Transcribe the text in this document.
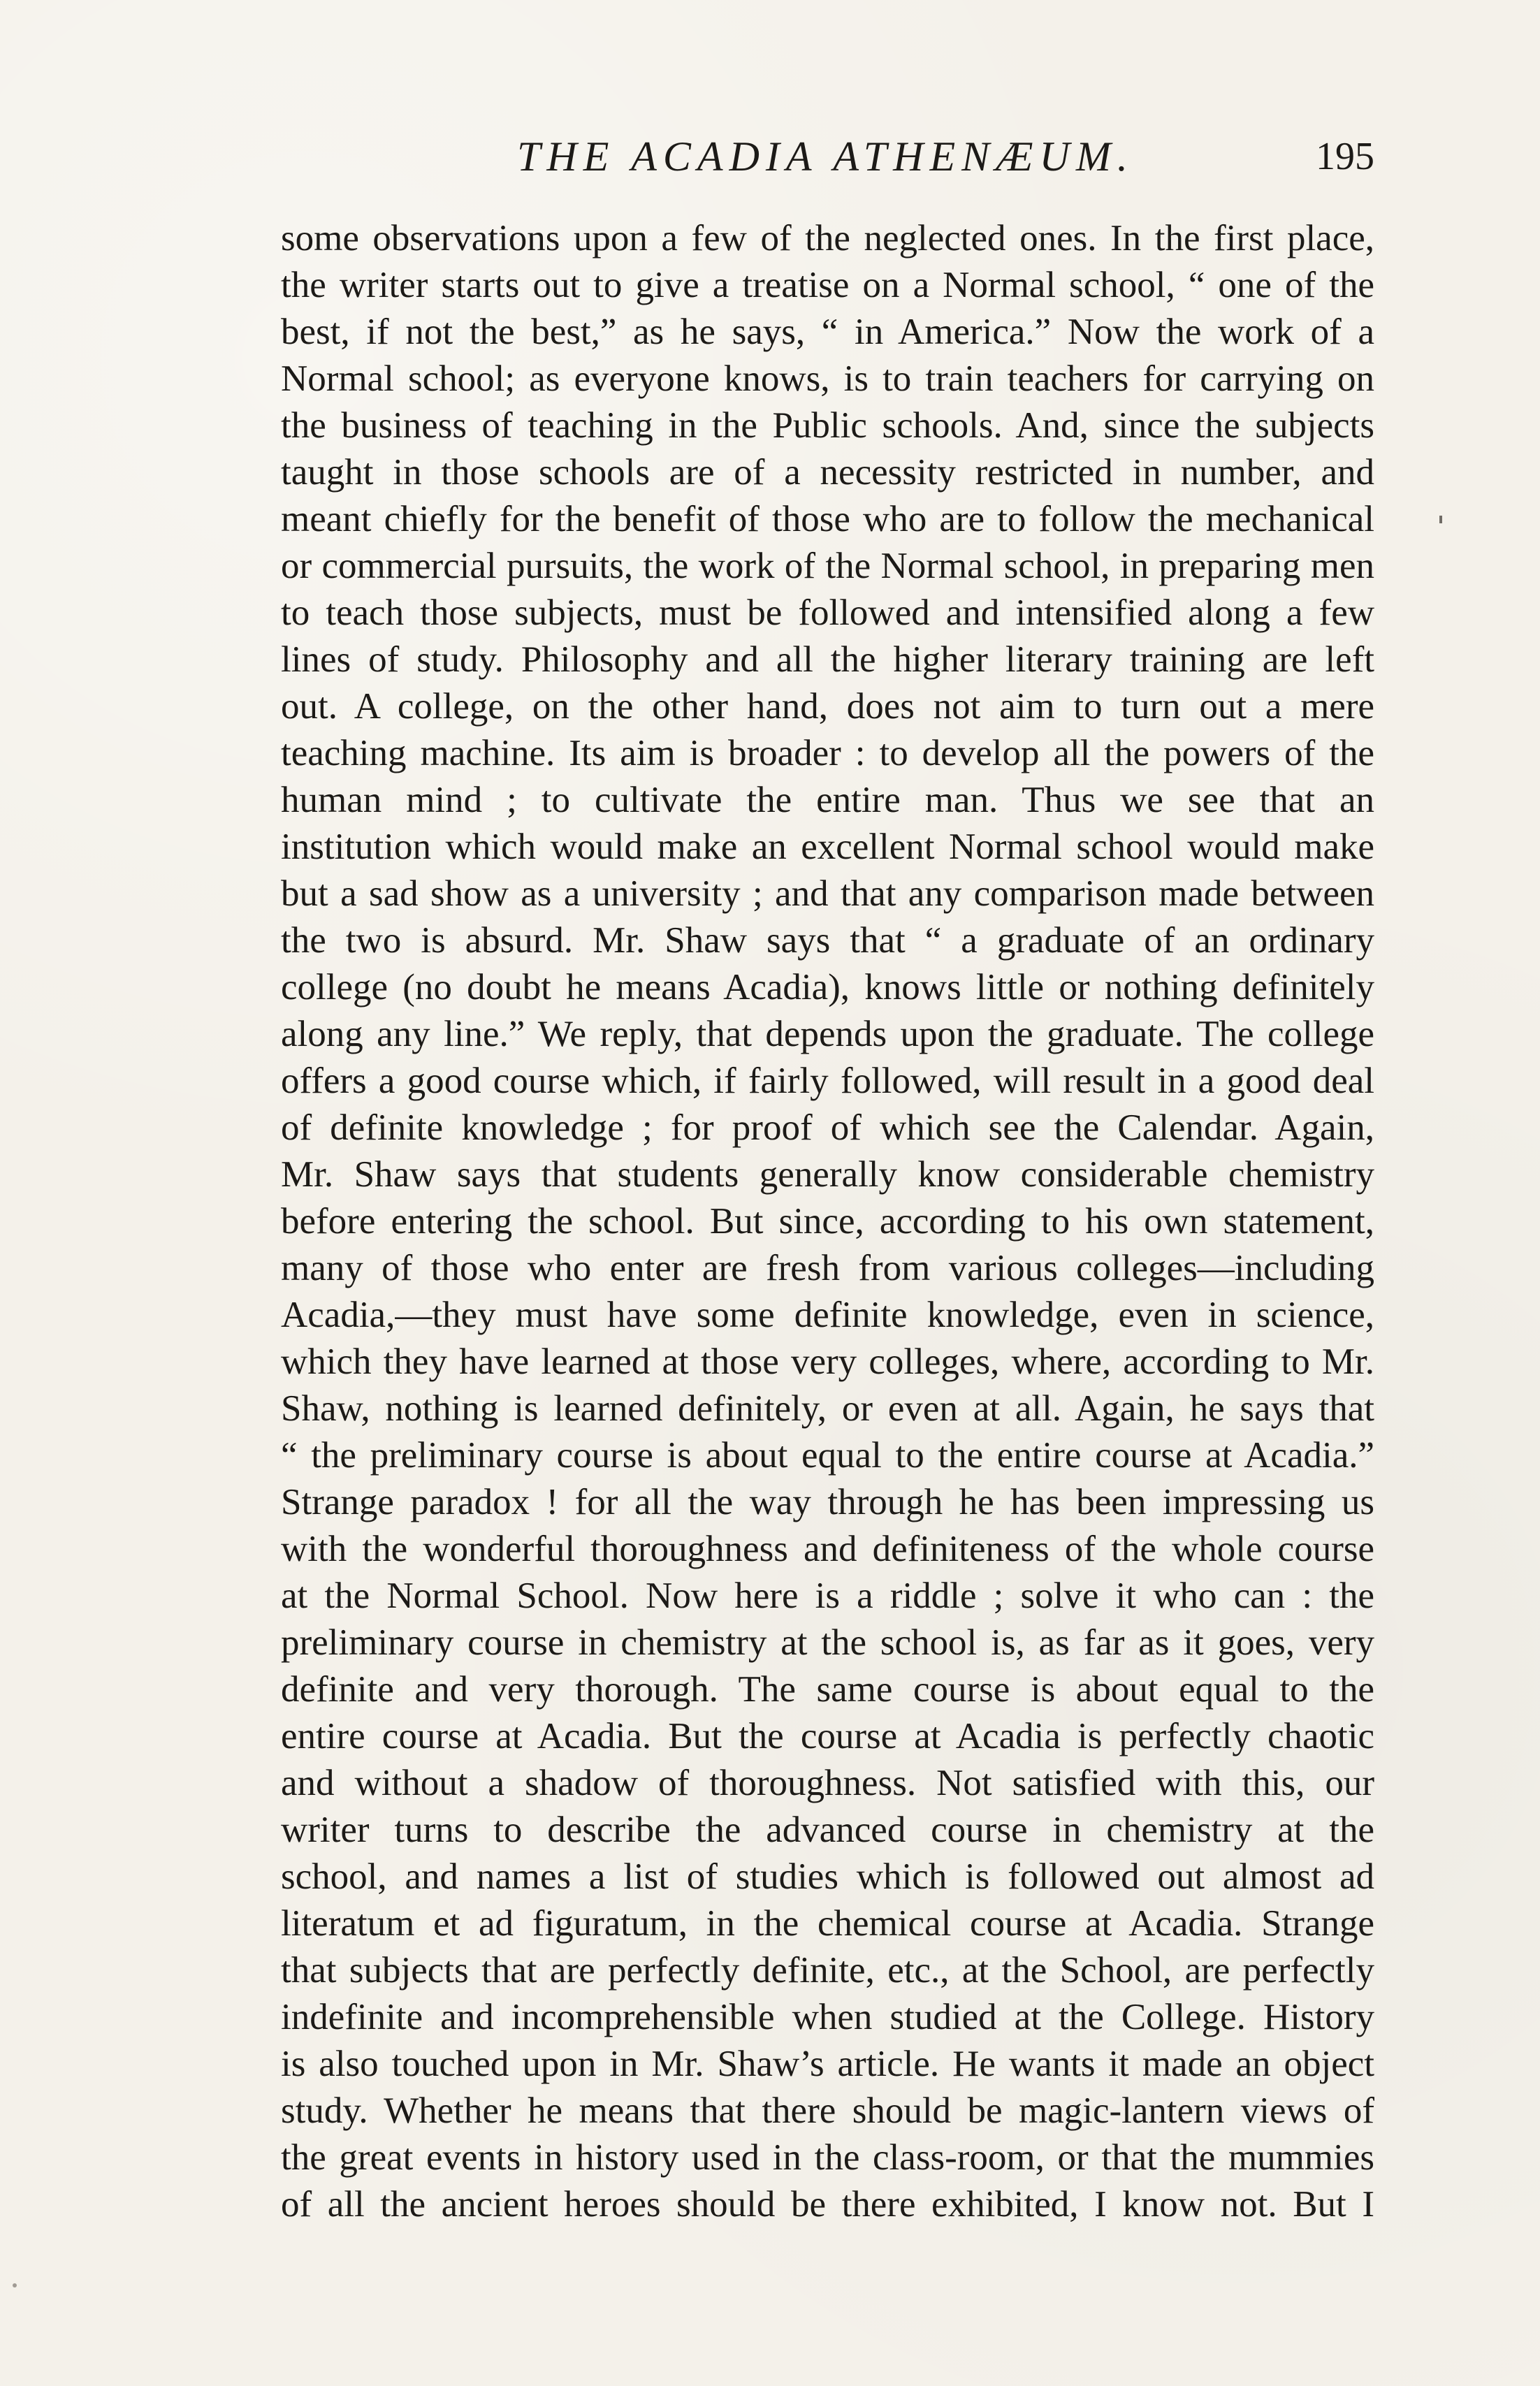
THE ACADIA ATHENÆUM.	195
some observations upon a few of the neglected ones. In the first place,
the writer starts out to give a treatise on a Normal school, “ one of the
best, if not the best,” as he says, “ in America.” Now the work of a
Normal school; as everyone knows, is to train teachers for carrying on
the business of teaching in the Public schools. And, since the subjects
taught in those schools are of a necessity restricted in number, and
meant chiefly for the benefit of those who are to follow the mechanical
or commercial pursuits, the work of the Normal school, in preparing men
to teach those subjects, must be followed and intensified along a few
lines of study. Philosophy and all the higher literary training are left
out. A college, on the other hand, does not aim to turn out a mere
teaching machine. Its aim is broader : to develop all the powers of the
human mind ; to cultivate the entire man. Thus we see that an
institution which would make an excellent Normal school would make
but a sad show as a university ; and that any comparison made between
the two is absurd. Mr. Shaw says that “ a graduate of an ordinary
college (no doubt he means Acadia), knows little or nothing definitely
along any line.” We reply, that depends upon the graduate. The college
offers a good course which, if fairly followed, will result in a good deal
of definite knowledge ; for proof of which see the Calendar. Again,
Mr. Shaw says that students generally know considerable chemistry
before entering the school. But since, according to his own statement,
many of those who enter are fresh from various colleges—including
Acadia,—they must have some definite knowledge, even in science,
which they have learned at those very colleges, where, according to Mr.
Shaw, nothing is learned definitely, or even at all. Again, he says that
“ the preliminary course is about equal to the entire course at Acadia.”
Strange paradox ! for all the way through he has been impressing us
with the wonderful thoroughness and definiteness of the whole course
at the Normal School. Now here is a riddle ; solve it who can : the
preliminary course in chemistry at the school is, as far as it goes, very
definite and very thorough. The same course is about equal to the
entire course at Acadia. But the course at Acadia is perfectly chaotic
and without a shadow of thoroughness. Not satisfied with this, our
writer turns to describe the advanced course in chemistry at the
school, and names a list of studies which is followed out almost ad
literatum et ad figuratum, in the chemical course at Acadia. Strange
that subjects that are perfectly definite, etc., at the School, are perfectly
indefinite and incomprehensible when studied at the College. History
is also touched upon in Mr. Shaw’s article. He wants it made an object
study. Whether he means that there should be magic-lantern views of
the great events in history used in the class-room, or that the mummies
of all the ancient heroes should be there exhibited, I know not. But I
